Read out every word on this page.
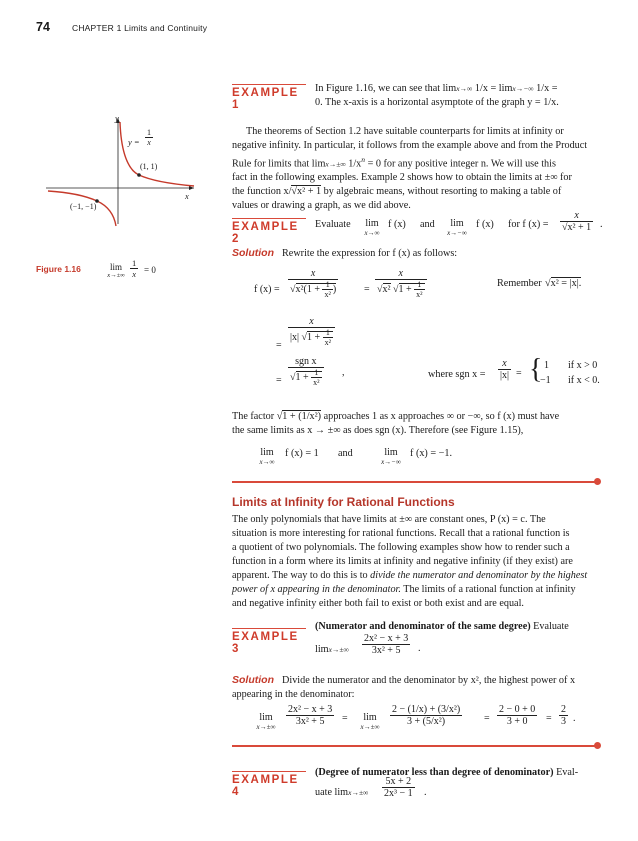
74	CHAPTER 1 Limits and Continuity
y
x
$y = \frac{1}{x}$
(1, 1)
(−1, −1)
Figure 1.16	lim
$x\to\pm\infty \frac{1}{x} = 0$
EXAMPLE 1
In Figure 1.16, we can see that limx→∞ 1/x = limx→−∞ 1/x =
0. The x-axis is a horizontal asymptote of the graph y = 1/x.
The theorems of Section 1.2 have suitable counterparts for limits at infinity or
negative infinity. In particular, it follows from the example above and from the Product
Rule for limits that limx→±∞ $1/x^n = 0$ for any positive integer n. We will use this
fact in the following examples. Example 2 shows how to obtain the limits at ±∞ for
the function x/√x² + 1 by algebraic means, without resorting to making a table of
values or drawing a graph, as we did above.
EXAMPLE 2
Evaluate	lim
x→∞
f (x) and	lim
x→−∞
f (x) for f $(x) = \frac{x}{\text{√x² + 1}}$ .
Solution Rewrite the expression for f (x) as follows:
f $(x) = \frac{x}{√x^2(1 + \frac{1}{\text{x²}} )}$	= $\frac{x}{√x^2 √1 + \frac{1}{\text{x²}}}$	Remember √x² = |x|.
= $\frac{x}{|x| √1 + \frac{1}{\text{x²}}}$
=
sgn x
$√1 + \frac{1}{\text{x²}}$ ,	where sgn $x = \frac{x}{|x|}$ = { 1 if x > 0
−1 if x < 0.
The factor √1 + (1/x²) approaches 1 as x approaches ∞ or −∞, so f (x) must have
the same limits as x → ±∞ as does sgn (x). Therefore (see Figure 1.15),
lim
x→∞
f (x) = 1 and	lim
x→−∞
f (x) = −1.
Limits at Infinity for Rational Functions
The only polynomials that have limits at ±∞ are constant ones, P (x) = c. The
situation is more interesting for rational functions. Recall that a rational function is
a quotient of two polynomials. The following examples show how to render such a
function in a form where its limits at infinity and negative infinity (if they exist) are
apparent. The way to do this is to divide the numerator and denominator by the highest
power of x appearing in the denominator. The limits of a rational function at infinity
and negative infinity either both fail to exist or both exist and are equal.
EXAMPLE 3
(Numerator and denominator of the same degree) Evaluate
$\lim x\to\pm\infty \frac{\text{2x² − x + 3}}{\text{3x² + 5}}$ .
Solution Divide the numerator and the denominator by x², the highest power of x
appearing in the denominator:
lim
x→±∞	$\frac{\text{2x² − x + 3}}{\text{3x² + 5}}$ =	lim
x→±∞	$\frac{\text{2 − (1/x) + (3/x²)}}{\text{3 + (5/x²)}} = \frac{2 - 0 + 0}{3 + 0} = \frac{2}{3}$ .
EXAMPLE 4
(Degree of numerator less than degree of denominator) Eval-
uate $\lim x\to\pm\infty \frac{5x + 2}{\text{2x³ − 1}}$ .
